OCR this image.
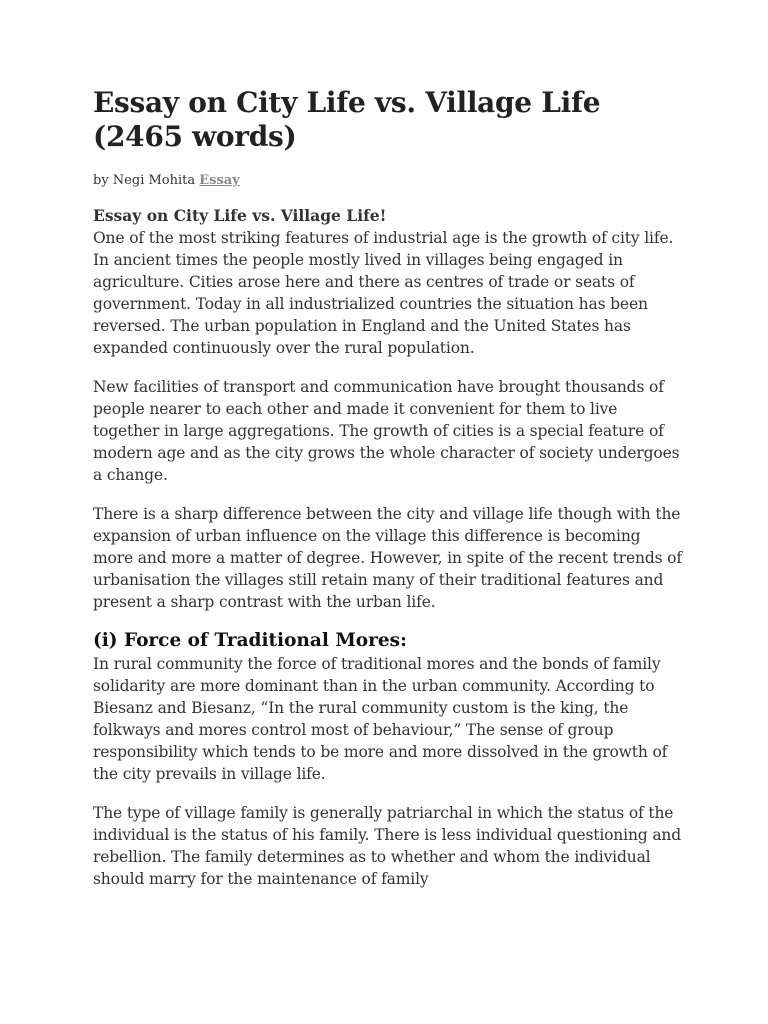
Essay on City Life vs. Village Life (2465 words)

by Negi Mohita Essay

Essay on City Life vs. Village Life!

One of the most striking features of industrial age is the growth of city life. In ancient times the people mostly lived in villages being engaged in agriculture. Cities arose here and there as centres of trade or seats of government. Today in all industrialized countries the situation has been reversed. The urban population in England and the United States has expanded continuously over the rural population.

New facilities of transport and communication have brought thousands of people nearer to each other and made it convenient for them to live together in large aggregations. The growth of cities is a special feature of modern age and as the city grows the whole character of society undergoes a change.

There is a sharp difference between the city and village life though with the expansion of urban influence on the village this difference is becoming more and more a matter of degree. However, in spite of the recent trends of urbanisation the villages still retain many of their traditional features and present a sharp contrast with the urban life.

(i) Force of Traditional Mores:

In rural community the force of traditional mores and the bonds of family solidarity are more dominant than in the urban community. According to Biesanz and Biesanz, “In the rural community custom is the king, the folkways and mores control most of behaviour,” The sense of group responsibility which tends to be more and more dissolved in the growth of the city prevails in village life.

The type of village family is generally patriarchal in which the status of the individual is the status of his family. There is less individual questioning and rebellion. The family determines as to whether and whom the individual should marry for the maintenance of family
